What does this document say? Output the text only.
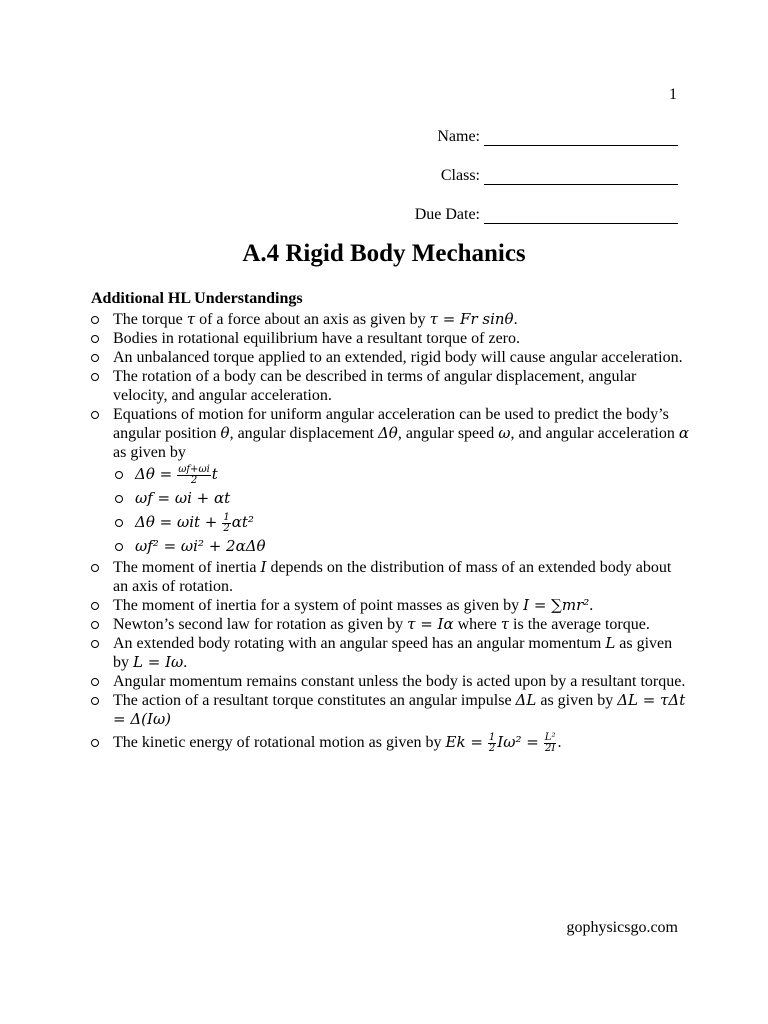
1
Name:
Class:
Due Date:
A.4 Rigid Body Mechanics
Additional HL Understandings
The torque τ of a force about an axis as given by τ = Fr sinθ.
Bodies in rotational equilibrium have a resultant torque of zero.
An unbalanced torque applied to an extended, rigid body will cause angular acceleration.
The rotation of a body can be described in terms of angular displacement, angular velocity, and angular acceleration.
Equations of motion for uniform angular acceleration can be used to predict the body’s angular position θ, angular displacement Δθ, angular speed ω, and angular acceleration α as given by
$\Delta\theta = \frac{\omega f+\omega i}{2}$ t
ωf = ωi + αt
$\Delta\theta = \omega it + \frac{1}{2} \alpha t^2$
ωf² = ωi² + 2αΔθ
The moment of inertia I depends on the distribution of mass of an extended body about an axis of rotation.
The moment of inertia for a system of point masses as given by I = ∑mr².
Newton’s second law for rotation as given by τ = Iα where τ is the average torque.
An extended body rotating with an angular speed has an angular momentum L as given by L = Iω.
Angular momentum remains constant unless the body is acted upon by a resultant torque.
The action of a resultant torque constitutes an angular impulse ΔL as given by ΔL = τΔt = Δ(Iω)
The kinetic energy of rotational motion as given by $Ek = \frac{1}{2} I\omega^2 = \frac{\text{L²}}{2I}$ .
gophysicsgo.com
